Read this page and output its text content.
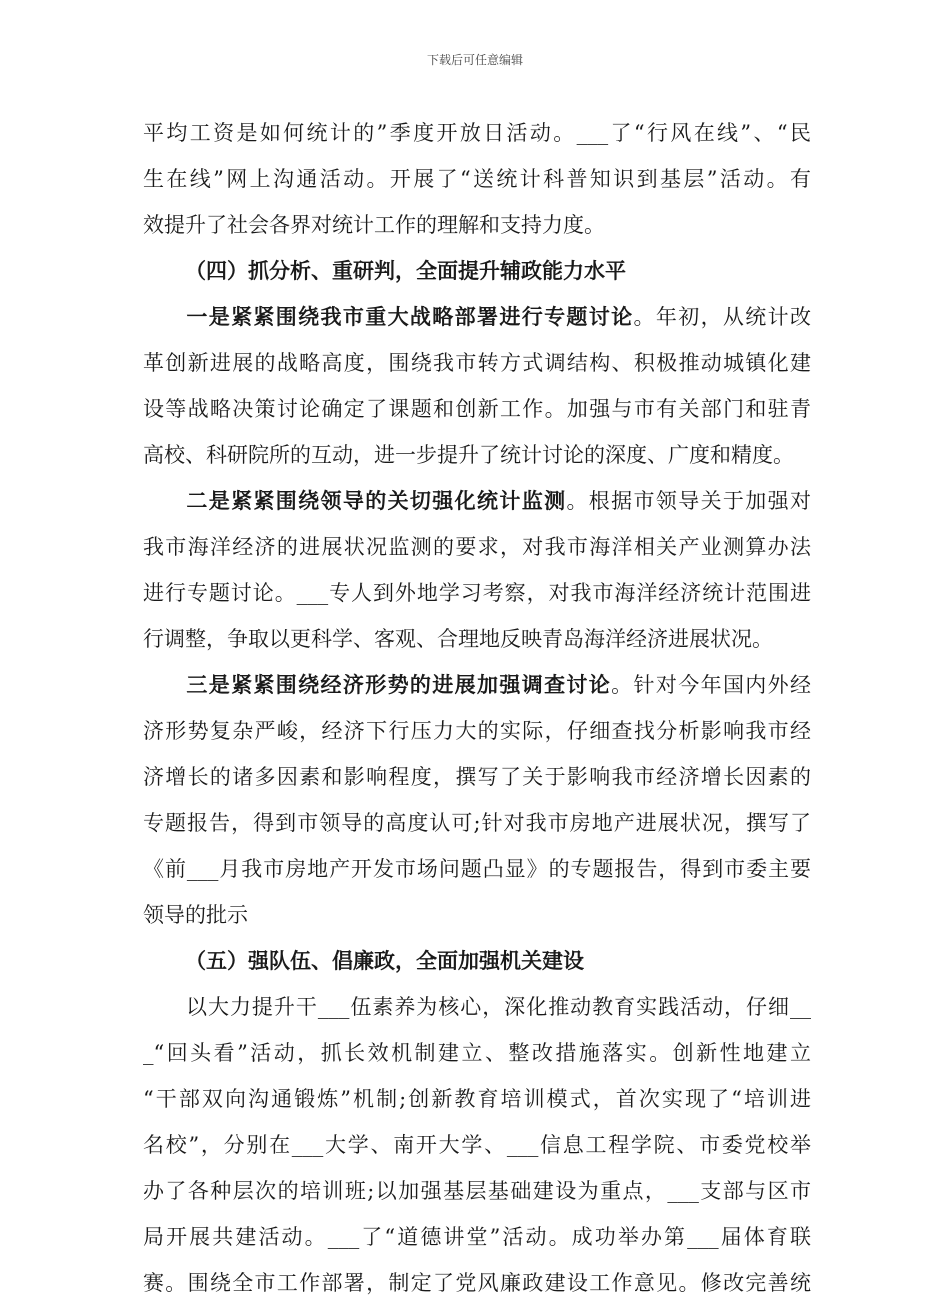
下载后可任意编辑
平均工资是如何统计的”季度开放日活动。___了“行风在线”、“民
生在线”网上沟通活动。开展了“送统计科普知识到基层”活动。有
效提升了社会各界对统计工作的理解和支持力度。
（四）抓分析、重研判，全面提升辅政能力水平
一是紧紧围绕我市重大战略部署进行专题讨论。年初，从统计改
革创新进展的战略高度，围绕我市转方式调结构、积极推动城镇化建
设等战略决策讨论确定了课题和创新工作。加强与市有关部门和驻青
高校、科研院所的互动，进一步提升了统计讨论的深度、广度和精度。
二是紧紧围绕领导的关切强化统计监测。根据市领导关于加强对
我市海洋经济的进展状况监测的要求，对我市海洋相关产业测算办法
进行专题讨论。___专人到外地学习考察，对我市海洋经济统计范围进
行调整，争取以更科学、客观、合理地反映青岛海洋经济进展状况。
三是紧紧围绕经济形势的进展加强调查讨论。针对今年国内外经
济形势复杂严峻，经济下行压力大的实际，仔细查找分析影响我市经
济增长的诸多因素和影响程度，撰写了关于影响我市经济增长因素的
专题报告，得到市领导的高度认可;针对我市房地产进展状况，撰写了
《前___月我市房地产开发市场问题凸显》的专题报告，得到市委主要
领导的批示
（五）强队伍、倡廉政，全面加强机关建设
以大力提升干___伍素养为核心，深化推动教育实践活动，仔细__
_“回头看”活动，抓长效机制建立、整改措施落实。创新性地建立
“干部双向沟通锻炼”机制;创新教育培训模式，首次实现了“培训进
名校”，分别在___大学、南开大学、___信息工程学院、市委党校举
办了各种层次的培训班;以加强基层基础建设为重点，___支部与区市
局开展共建活动。___了“道德讲堂”活动。成功举办第___届体育联
赛。围绕全市工作部署，制定了党风廉政建设工作意见。修改完善统
